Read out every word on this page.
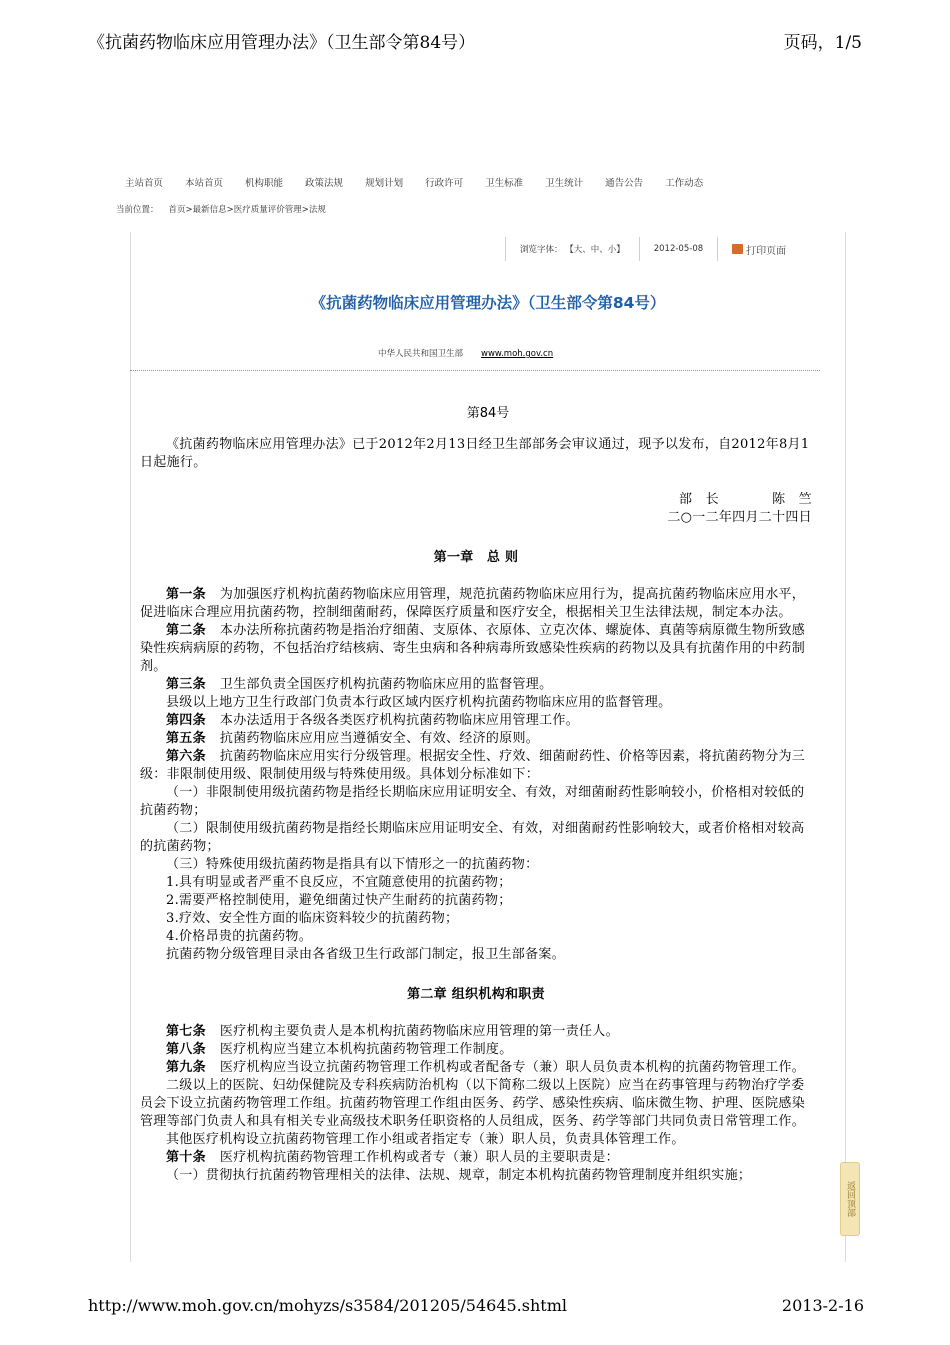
《抗菌药物临床应用管理办法》（卫生部令第84号）	页码，1/5
主站首页 本站首页 机构职能 政策法规 规划计划 行政许可 卫生标准 卫生统计 通告公告 工作动态
当前位置： 首页>最新信息>医疗质量评价管理>法规
浏览字体： 【大、中、小】	2012-05-08	打印页面
《抗菌药物临床应用管理办法》（卫生部令第84号）
中华人民共和国卫生部 www.moh.gov.cn
第84号

《抗菌药物临床应用管理办法》已于2012年2月13日经卫生部部务会审议通过，现予以发布，自2012年8月1日起施行。

部　长　　　　陈　竺
二○一二年四月二十四日
第一章　总 则

第一条 为加强医疗机构抗菌药物临床应用管理，规范抗菌药物临床应用行为，提高抗菌药物临床应用水平，促进临床合理应用抗菌药物，控制细菌耐药，保障医疗质量和医疗安全，根据相关卫生法律法规，制定本办法。

第二条 本办法所称抗菌药物是指治疗细菌、支原体、衣原体、立克次体、螺旋体、真菌等病原微生物所致感染性疾病病原的药物，不包括治疗结核病、寄生虫病和各种病毒所致感染性疾病的药物以及具有抗菌作用的中药制剂。

第三条 卫生部负责全国医疗机构抗菌药物临床应用的监督管理。

县级以上地方卫生行政部门负责本行政区域内医疗机构抗菌药物临床应用的监督管理。

第四条 本办法适用于各级各类医疗机构抗菌药物临床应用管理工作。

第五条 抗菌药物临床应用应当遵循安全、有效、经济的原则。

第六条 抗菌药物临床应用实行分级管理。根据安全性、疗效、细菌耐药性、价格等因素，将抗菌药物分为三级：非限制使用级、限制使用级与特殊使用级。具体划分标准如下：

（一）非限制使用级抗菌药物是指经长期临床应用证明安全、有效，对细菌耐药性影响较小，价格相对较低的抗菌药物；

（二）限制使用级抗菌药物是指经长期临床应用证明安全、有效，对细菌耐药性影响较大，或者价格相对较高的抗菌药物；

（三）特殊使用级抗菌药物是指具有以下情形之一的抗菌药物：

1.具有明显或者严重不良反应，不宜随意使用的抗菌药物；

2.需要严格控制使用，避免细菌过快产生耐药的抗菌药物；

3.疗效、安全性方面的临床资料较少的抗菌药物；

4.价格昂贵的抗菌药物。

抗菌药物分级管理目录由各省级卫生行政部门制定，报卫生部备案。

第二章 组织机构和职责

第七条 医疗机构主要负责人是本机构抗菌药物临床应用管理的第一责任人。

第八条 医疗机构应当建立本机构抗菌药物管理工作制度。

第九条 医疗机构应当设立抗菌药物管理工作机构或者配备专（兼）职人员负责本机构的抗菌药物管理工作。

二级以上的医院、妇幼保健院及专科疾病防治机构（以下简称二级以上医院）应当在药事管理与药物治疗学委员会下设立抗菌药物管理工作组。抗菌药物管理工作组由医务、药学、感染性疾病、临床微生物、护理、医院感染管理等部门负责人和具有相关专业高级技术职务任职资格的人员组成，医务、药学等部门共同负责日常管理工作。

其他医疗机构设立抗菌药物管理工作小组或者指定专（兼）职人员，负责具体管理工作。

第十条 医疗机构抗菌药物管理工作机构或者专（兼）职人员的主要职责是：

（一）贯彻执行抗菌药物管理相关的法律、法规、规章，制定本机构抗菌药物管理制度并组织实施；

返回顶部
http://www.moh.gov.cn/mohyzs/s3584/201205/54645.shtml	2013-2-16
